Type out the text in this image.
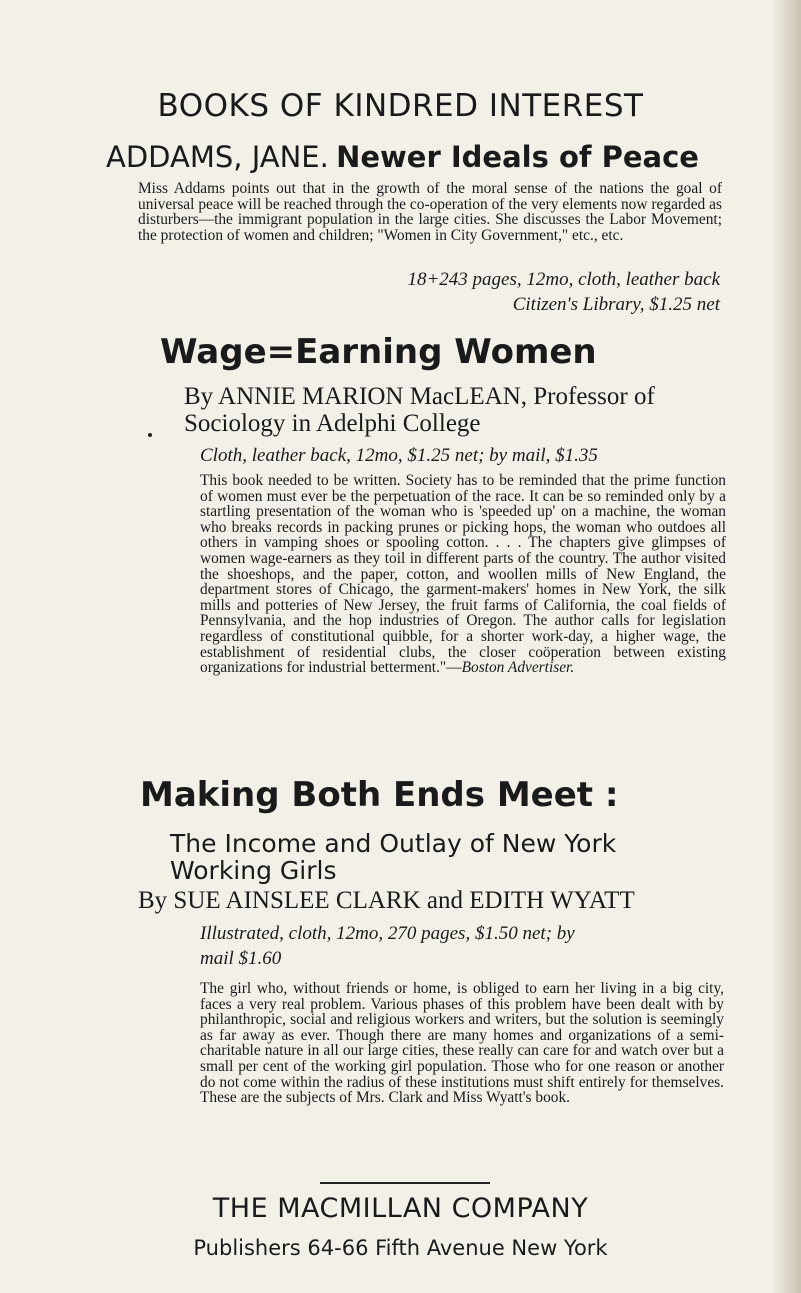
BOOKS OF KINDRED INTEREST
ADDAMS, JANE. Newer Ideals of Peace

Miss Addams points out that in the growth of the moral sense of the nations the goal of universal peace will be reached through the co-operation of the very elements now regarded as disturbers—the immigrant population in the large cities. She discusses the Labor Movement; the protection of women and children; "Women in City Government," etc., etc.

18+243 pages, 12mo, cloth, leather back

Citizen's Library, $1.25 net

Wage=Earning Women

By ANNIE MARION MacLEAN, Professor of

Sociology in Adelphi College

Cloth, leather back, 12mo, $1.25 net; by mail, $1.35

This book needed to be written. Society has to be reminded that the prime function of women must ever be the perpetuation of the race. It can be so reminded only by a startling presentation of the woman who is 'speeded up' on a machine, the woman who breaks records in packing prunes or picking hops, the woman who outdoes all others in vamping shoes or spooling cotton. . . . The chapters give glimpses of women wage-earners as they toil in different parts of the country. The author visited the shoeshops, and the paper, cotton, and woollen mills of New England, the department stores of Chicago, the garment-makers' homes in New York, the silk mills and potteries of New Jersey, the fruit farms of California, the coal fields of Pennsylvania, and the hop industries of Oregon. The author calls for legislation regardless of constitutional quibble, for a shorter work-day, a higher wage, the establishment of residential clubs, the closer coöperation between existing organizations for industrial betterment."—Boston Advertiser.

Making Both Ends Meet :

The Income and Outlay of New York

Working Girls

By SUE AINSLEE CLARK and EDITH WYATT

Illustrated, cloth, 12mo, 270 pages, $1.50 net; by

mail $1.60

The girl who, without friends or home, is obliged to earn her living in a big city, faces a very real problem. Various phases of this problem have been dealt with by philanthropic, social and religious workers and writers, but the solution is seemingly as far away as ever. Though there are many homes and organizations of a semi-charitable nature in all our large cities, these really can care for and watch over but a small per cent of the working girl population. Those who for one reason or another do not come within the radius of these institutions must shift entirely for themselves. These are the subjects of Mrs. Clark and Miss Wyatt's book.

THE MACMILLAN COMPANY

Publishers 64-66 Fifth Avenue New York
